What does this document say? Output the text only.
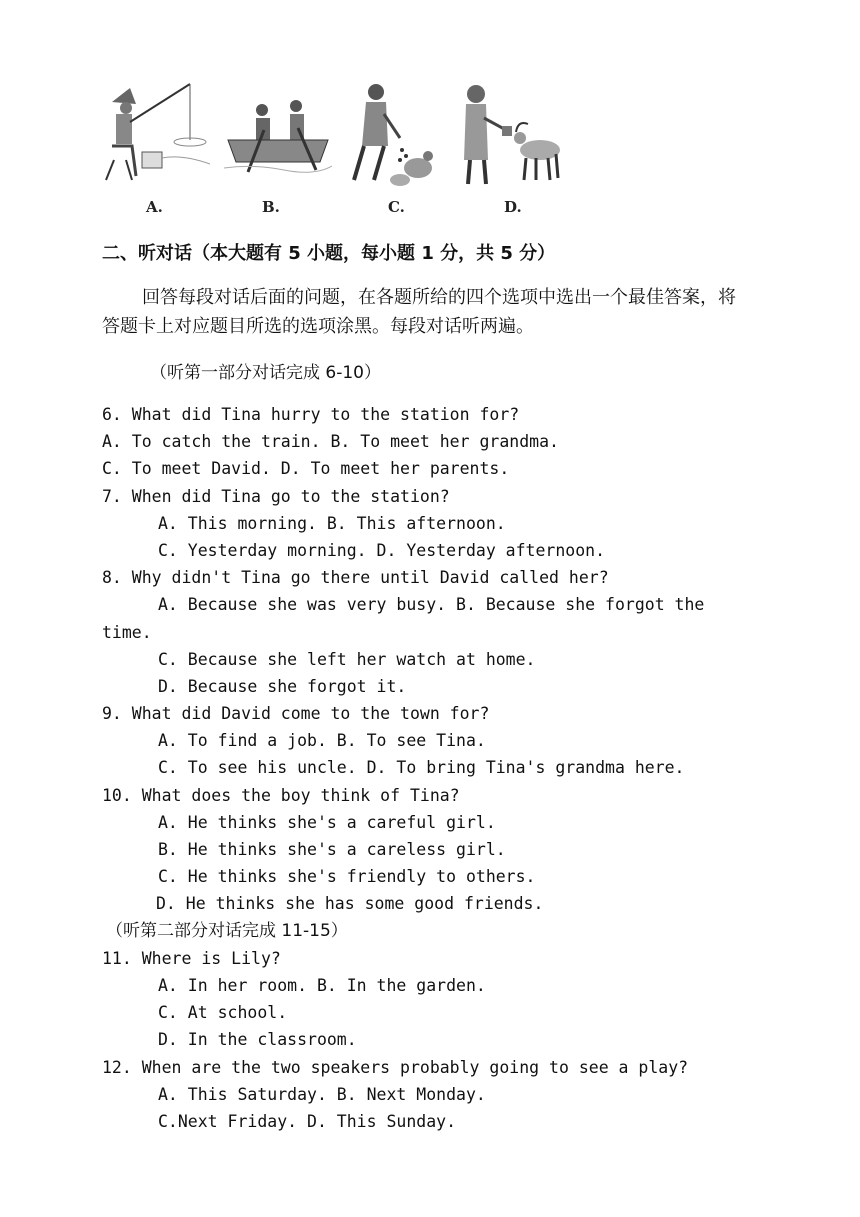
A.	B.	C.	D.
二、听对话（本大题有 5 小题，每小题 1 分，共 5 分）
回答每段对话后面的问题，在各题所给的四个选项中选出一个最佳答案，将答题卡上对应题目所选的选项涂黑。每段对话听两遍。
（听第一部分对话完成 6-10）
6. What did Tina hurry to the station for?
A. To catch the train. B. To meet her grandma.
C. To meet David. D. To meet her parents.
7. When did Tina go to the station?
A. This morning. B. This afternoon.
C. Yesterday morning. D. Yesterday afternoon.
8. Why didn't Tina go there until David called her?
A. Because she was very busy. B. Because she forgot the time.
C. Because she left her watch at home.
D. Because she forgot it.
9. What did David come to the town for?
A. To find a job. B. To see Tina.
C. To see his uncle. D. To bring Tina's grandma here.
10. What does the boy think of Tina?
A. He thinks she's a careful girl.
B. He thinks she's a careless girl.
C. He thinks she's friendly to others.
D. He thinks she has some good friends.
（听第二部分对话完成 11-15）
11. Where is Lily?
A. In her room. B. In the garden.
C. At school.
D. In the classroom.
12. When are the two speakers probably going to see a play?
A. This Saturday. B. Next Monday.
C.Next Friday. D. This Sunday.
